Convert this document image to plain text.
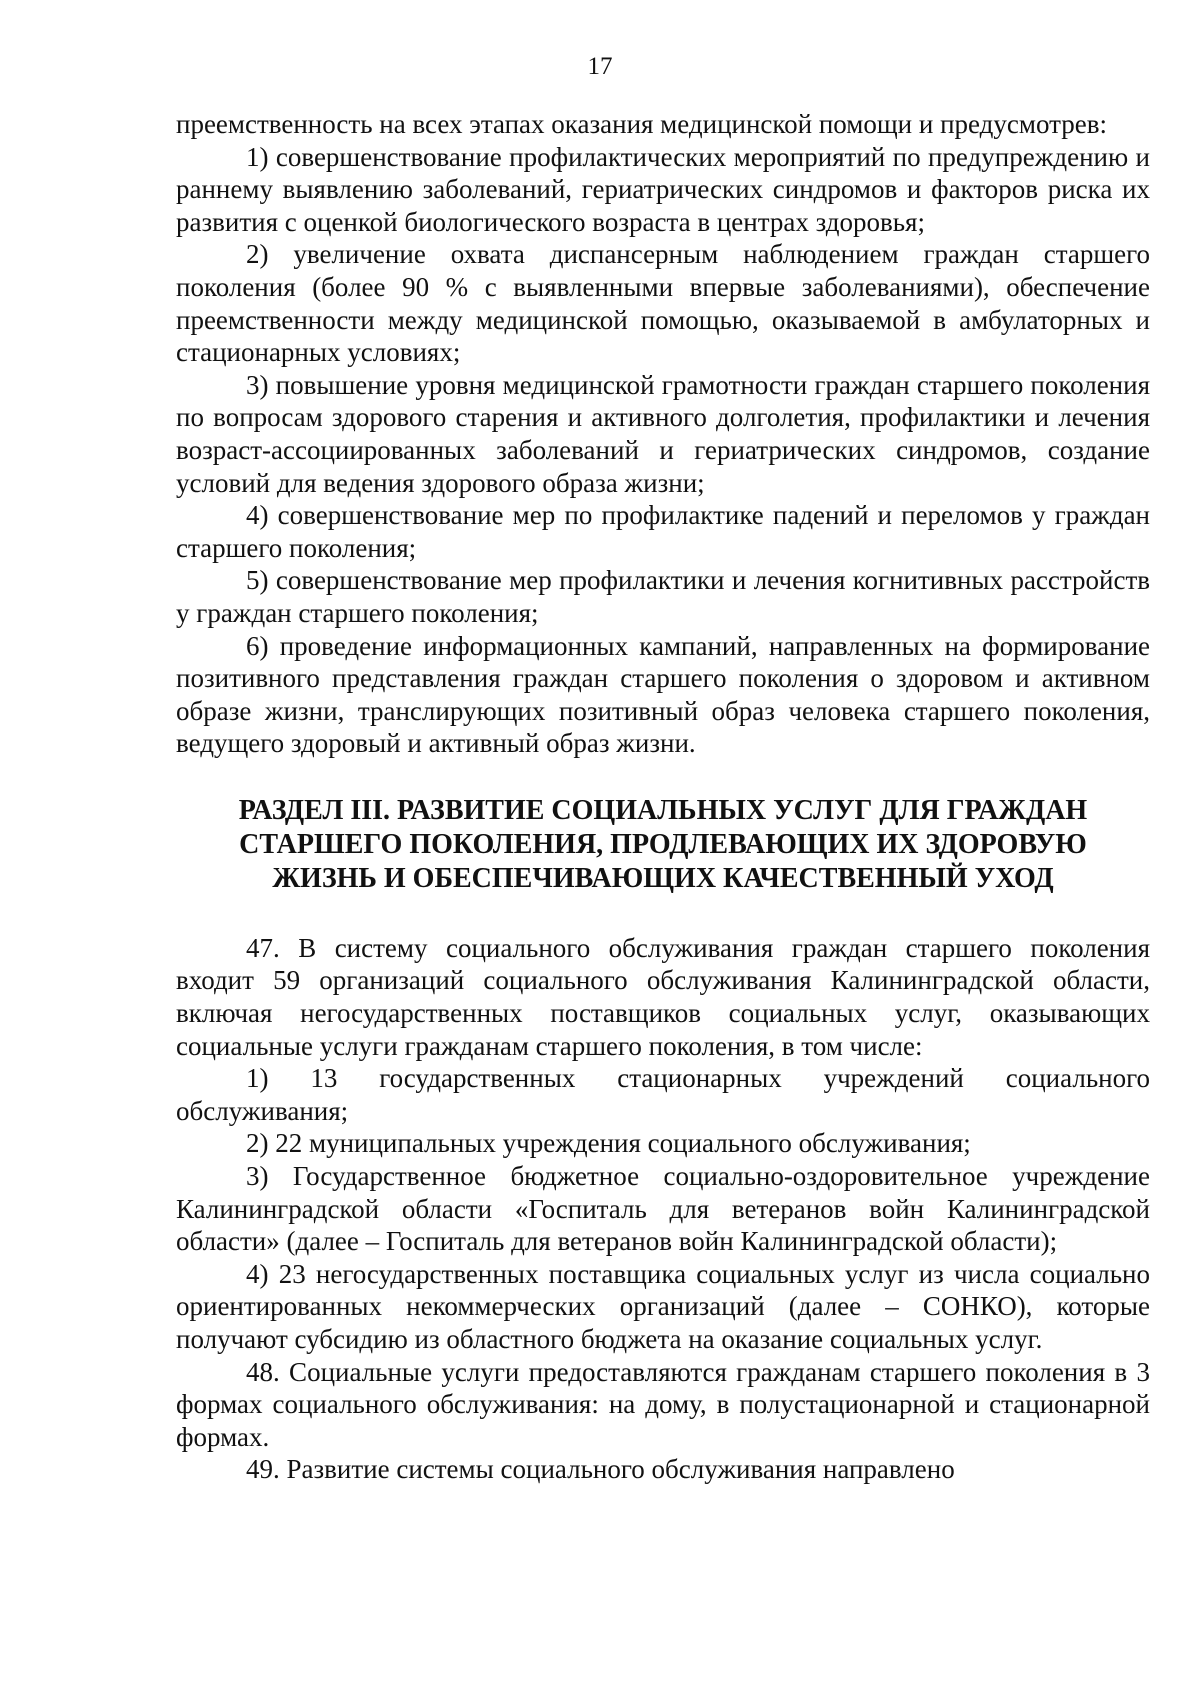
17

преемственность на всех этапах оказания медицинской помощи и предусмотрев:

1) совершенствование профилактических мероприятий по предупреждению и раннему выявлению заболеваний, гериатрических синдромов и факторов риска их развития с оценкой биологического возраста в центрах здоровья;

2) увеличение охвата диспансерным наблюдением граждан старшего поколения (более 90 % с выявленными впервые заболеваниями), обеспечение преемственности между медицинской помощью, оказываемой в амбулаторных и стационарных условиях;

3) повышение уровня медицинской грамотности граждан старшего поколения по вопросам здорового старения и активного долголетия, профилактики и лечения возраст-ассоциированных заболеваний и гериатрических синдромов, создание условий для ведения здорового образа жизни;

4) совершенствование мер по профилактике падений и переломов у граждан старшего поколения;

5) совершенствование мер профилактики и лечения когнитивных расстройств у граждан старшего поколения;

6) проведение информационных кампаний, направленных на формирование позитивного представления граждан старшего поколения о здоровом и активном образе жизни, транслирующих позитивный образ человека старшего поколения, ведущего здоровый и активный образ жизни.

РАЗДЕЛ III. РАЗВИТИЕ СОЦИАЛЬНЫХ УСЛУГ ДЛЯ ГРАЖДАН СТАРШЕГО ПОКОЛЕНИЯ, ПРОДЛЕВАЮЩИХ ИХ ЗДОРОВУЮ ЖИЗНЬ И ОБЕСПЕЧИВАЮЩИХ КАЧЕСТВЕННЫЙ УХОД

47. В систему социального обслуживания граждан старшего поколения входит 59 организаций социального обслуживания Калининградской области, включая негосударственных поставщиков социальных услуг, оказывающих социальные услуги гражданам старшего поколения, в том числе:

1) 13 государственных стационарных учреждений социального обслуживания;

2) 22 муниципальных учреждения социального обслуживания;

3) Государственное бюджетное социально-оздоровительное учреждение Калининградской области «Госпиталь для ветеранов войн Калининградской области» (далее – Госпиталь для ветеранов войн Калининградской области);

4) 23 негосударственных поставщика социальных услуг из числа социально ориентированных некоммерческих организаций (далее – СОНКО), которые получают субсидию из областного бюджета на оказание социальных услуг.

48. Социальные услуги предоставляются гражданам старшего поколения в 3 формах социального обслуживания: на дому, в полустационарной и стационарной формах.

49. Развитие системы социального обслуживания направлено
